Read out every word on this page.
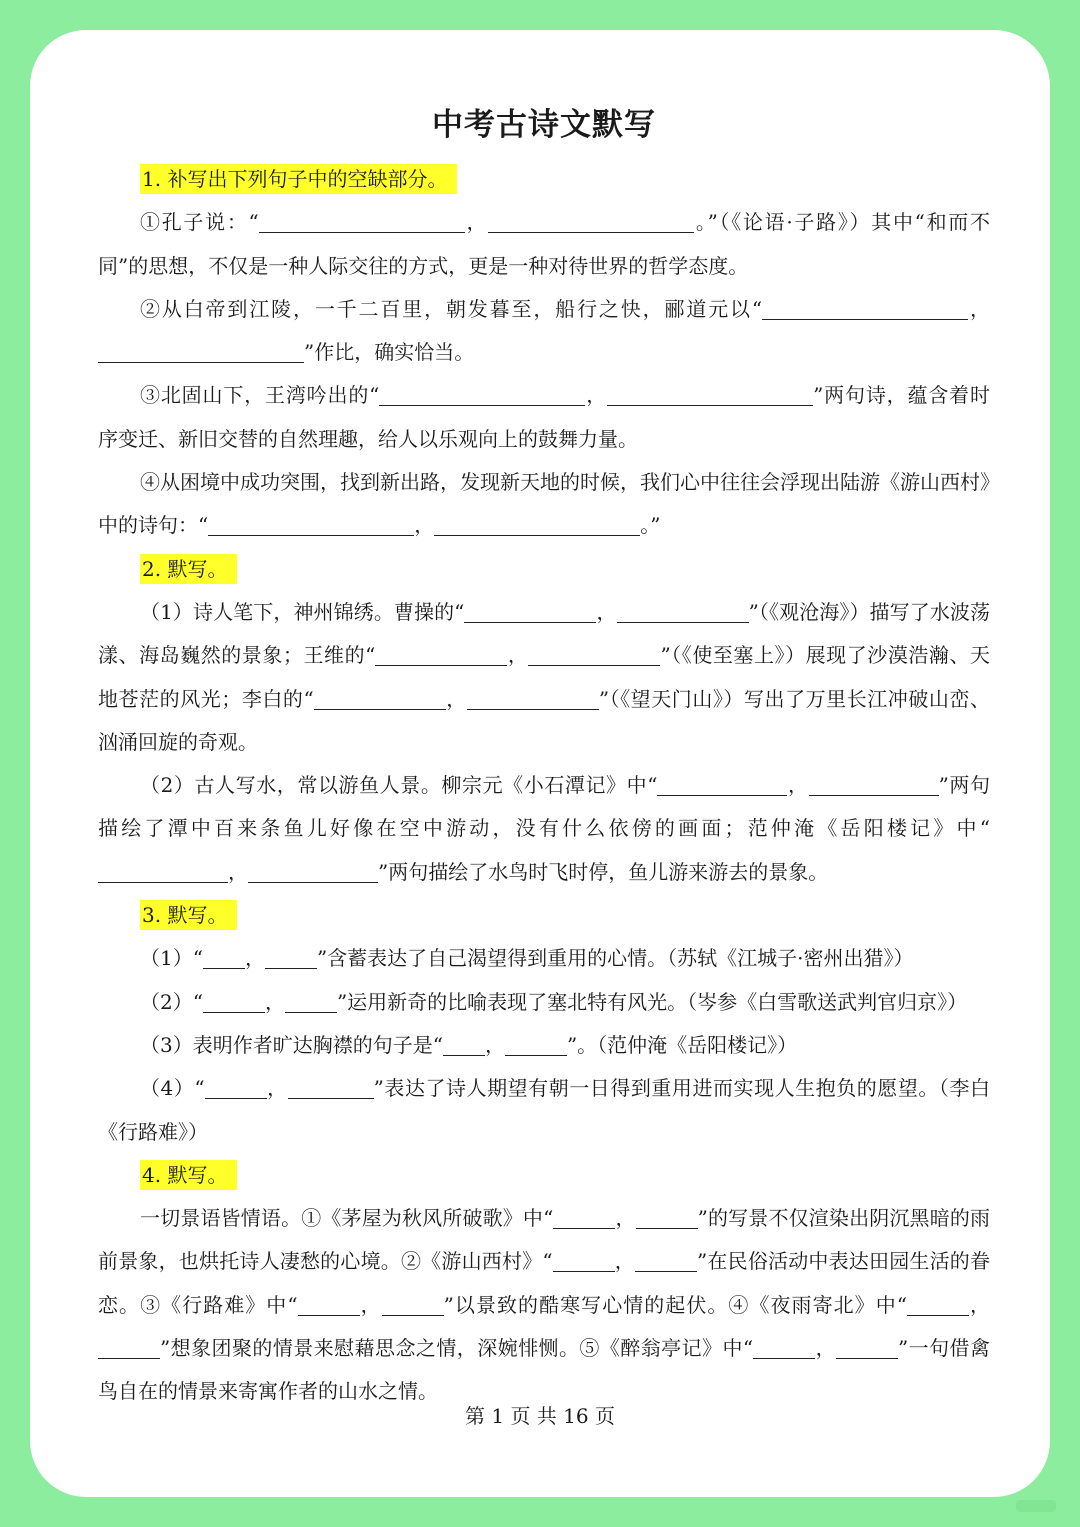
中考古诗文默写
1. 补写出下列句子中的空缺部分。

①孔子说：“	，	。”（《论语·子路》）其中“和而不同”的思想，不仅是一种人际交往的方式，更是一种对待世界的哲学态度。

②从白帝到江陵，一千二百里，朝发暮至，船行之快，郦道元以“	，”作比，确实恰当。

③北固山下，王湾吟出的“	，	”两句诗，蕴含着时序变迁、新旧交替的自然理趣，给人以乐观向上的鼓舞力量。

④从困境中成功突围，找到新出路，发现新天地的时候，我们心中往往会浮现出陆游《游山西村》中的诗句：“	，	。”

2. 默写。

（1）诗人笔下，神州锦绣。曹操的“	，	”（《观沧海》）描写了水波荡漾、海岛巍然的景象；王维的“	，	”（《使至塞上》）展现了沙漠浩瀚、天地苍茫的风光；李白的“	，	”（《望天门山》）写出了万里长江冲破山峦、汹涌回旋的奇观。

（2）古人写水，常以游鱼人景。柳宗元《小石潭记》中“	，	”两句描绘了潭中百来条鱼儿好像在空中游动，没有什么依傍的画面；范仲淹《岳阳楼记》中“，	”两句描绘了水鸟时飞时停，鱼儿游来游去的景象。

3. 默写。

（1）“ ，	”含蓄表达了自己渴望得到重用的心情。（苏轼《江城子·密州出猎》）

（2）“	，	”运用新奇的比喻表现了塞北特有风光。（岑参《白雪歌送武判官归京》）

（3）表明作者旷达胸襟的句子是“ ，	”。（范仲淹《岳阳楼记》）

（4）“	，	”表达了诗人期望有朝一日得到重用进而实现人生抱负的愿望。（李白《行路难》）

4. 默写。

一切景语皆情语。①《茅屋为秋风所破歌》中“	，	”的写景不仅渲染出阴沉黑暗的雨前景象，也烘托诗人凄愁的心境。②《游山西村》“	，	”在民俗活动中表达田园生活的眷恋。③《行路难》中“	，	”以景致的酷寒写心情的起伏。④《夜雨寄北》中“	，”想象团聚的情景来慰藉思念之情，深婉悱恻。⑤《醉翁亭记》中“	，	”一句借禽鸟自在的情景来寄寓作者的山水之情。

第 1 页 共 16 页
